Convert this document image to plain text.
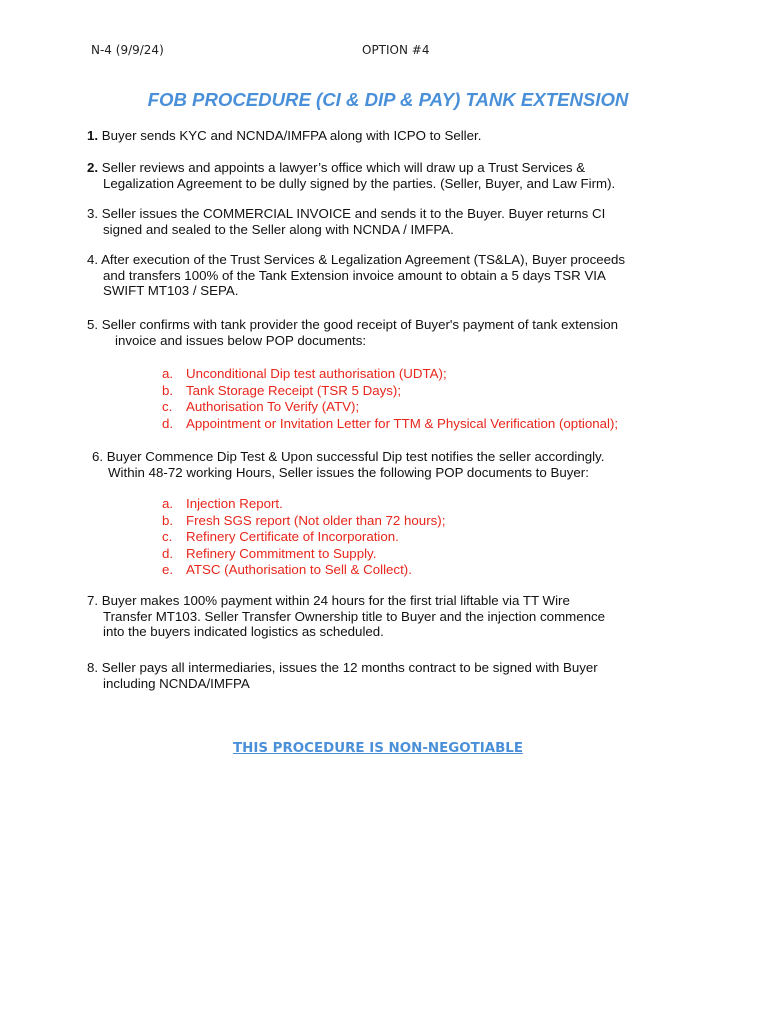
N-4 (9/9/24)	OPTION #4
FOB PROCEDURE (CI & DIP & PAY) TANK EXTENSION

1. Buyer sends KYC and NCNDA/IMFPA along with ICPO to Seller.

2. Seller reviews and appoints a lawyer’s office which will draw up a Trust Services &
Legalization Agreement to be dully signed by the parties. (Seller, Buyer, and Law Firm).

3. Seller issues the COMMERCIAL INVOICE and sends it to the Buyer. Buyer returns CI
signed and sealed to the Seller along with NCNDA / IMFPA.

4. After execution of the Trust Services & Legalization Agreement (TS&LA), Buyer proceeds
and transfers 100% of the Tank Extension invoice amount to obtain a 5 days TSR VIA
SWIFT MT103 / SEPA.

5. Seller confirms with tank provider the good receipt of Buyer's payment of tank extension
invoice and issues below POP documents:

a. Unconditional Dip test authorisation (UDTA);
b. Tank Storage Receipt (TSR 5 Days);
c. Authorisation To Verify (ATV);
d. Appointment or Invitation Letter for TTM & Physical Verification (optional);

6. Buyer Commence Dip Test & Upon successful Dip test notifies the seller accordingly.
Within 48-72 working Hours, Seller issues the following POP documents to Buyer:

a. Injection Report.
b. Fresh SGS report (Not older than 72 hours);
c. Refinery Certificate of Incorporation.
d. Refinery Commitment to Supply.
e. ATSC (Authorisation to Sell & Collect).

7. Buyer makes 100% payment within 24 hours for the first trial liftable via TT Wire
Transfer MT103. Seller Transfer Ownership title to Buyer and the injection commence
into the buyers indicated logistics as scheduled.

8. Seller pays all intermediaries, issues the 12 months contract to be signed with Buyer
including NCNDA/IMFPA

THIS PROCEDURE IS NON-NEGOTIABLE
